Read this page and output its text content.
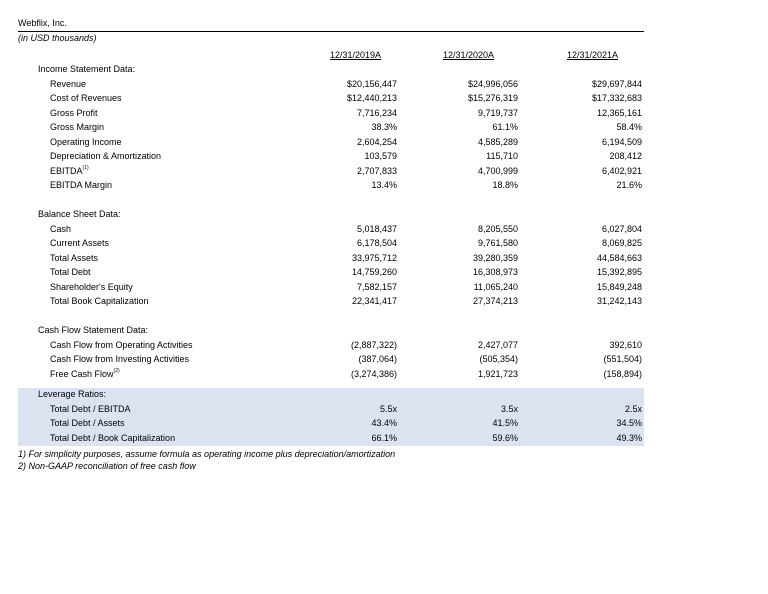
Webflix, Inc.
(in USD thousands)
	12/31/2019A	12/31/2020A	12/31/2021A
Income Statement Data:			
Revenue	$20,156,447	$24,996,056	$29,697,844
Cost of Revenues	$12,440,213	$15,276,319	$17,332,683
Gross Profit	7,716,234	9,719,737	12,365,161
Gross Margin	38.3%	61.1%	58.4%
Operating Income	2,604,254	4,585,289	6,194,509
Depreciation & Amortization	103,579	115,710	208,412
EBITDA$^{(1)}$	2,707,833	4,700,999	6,402,921
EBITDA Margin	13.4%	18.8%	21.6%

Balance Sheet Data:			
Cash	5,018,437	8,205,550	6,027,804
Current Assets	6,178,504	9,761,580	8,069,825
Total Assets	33,975,712	39,280,359	44,584,663
Total Debt	14,759,260	16,308,973	15,392,895
Shareholder's Equity	7,582,157	11,065,240	15,849,248
Total Book Capitalization	22,341,417	27,374,213	31,242,143

Cash Flow Statement Data:			
Cash Flow from Operating Activities	(2,887,322)	2,427,077	392,610
Cash Flow from Investing Activities	(387,064)	(505,354)	(551,504)
Free Cash Flow$^{(2)}$	(3,274,386)	1,921,723	(158,894)

Leverage Ratios:			
Total Debt / EBITDA	5.5x	3.5x	2.5x
Total Debt / Assets	43.4%	41.5%	34.5%
Total Debt / Book Capitalization	66.1%	59.6%	49.3%
1) For simplicity purposes, assume formula as operating income plus depreciation/amortization
2) Non-GAAP reconciliation of free cash flow
